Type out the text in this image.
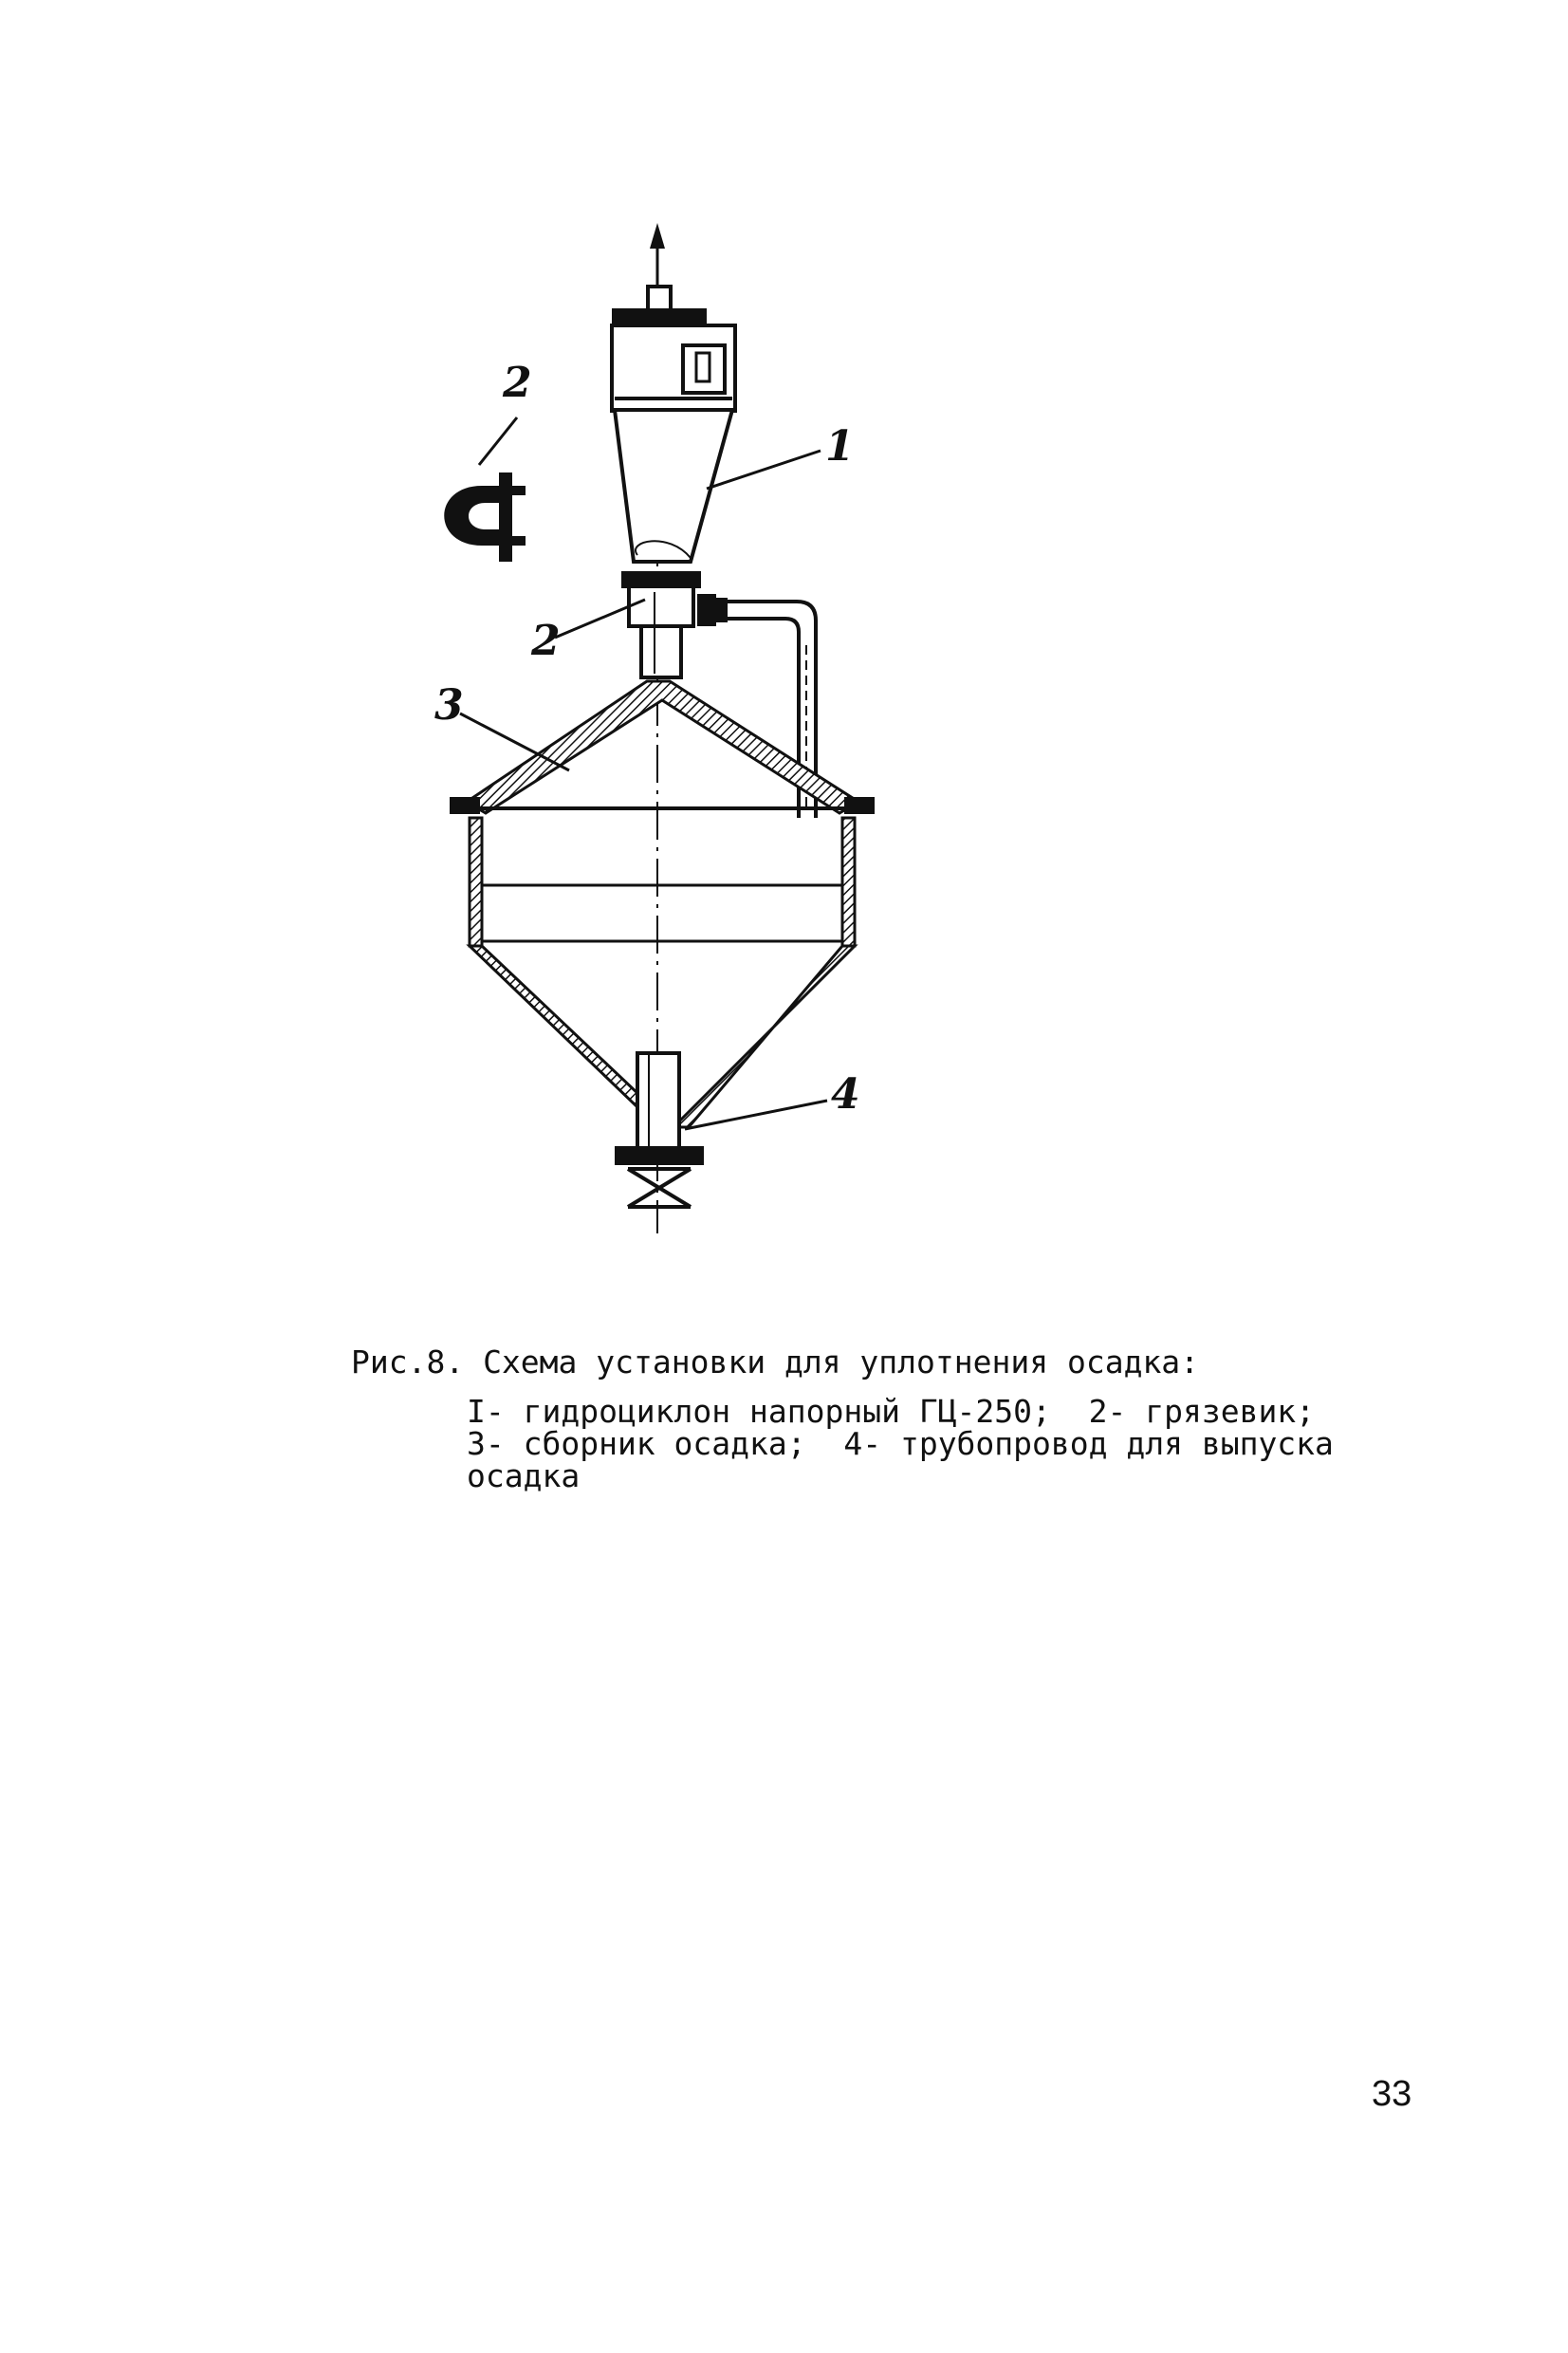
2
1
2
3
4
Рис.8. Схема установки для уплотнения осадка:
I- гидроциклон напорный ГЦ-250;  2- грязевик;
3- сборник осадка;  4- трубопровод для выпуска
осадка
33
